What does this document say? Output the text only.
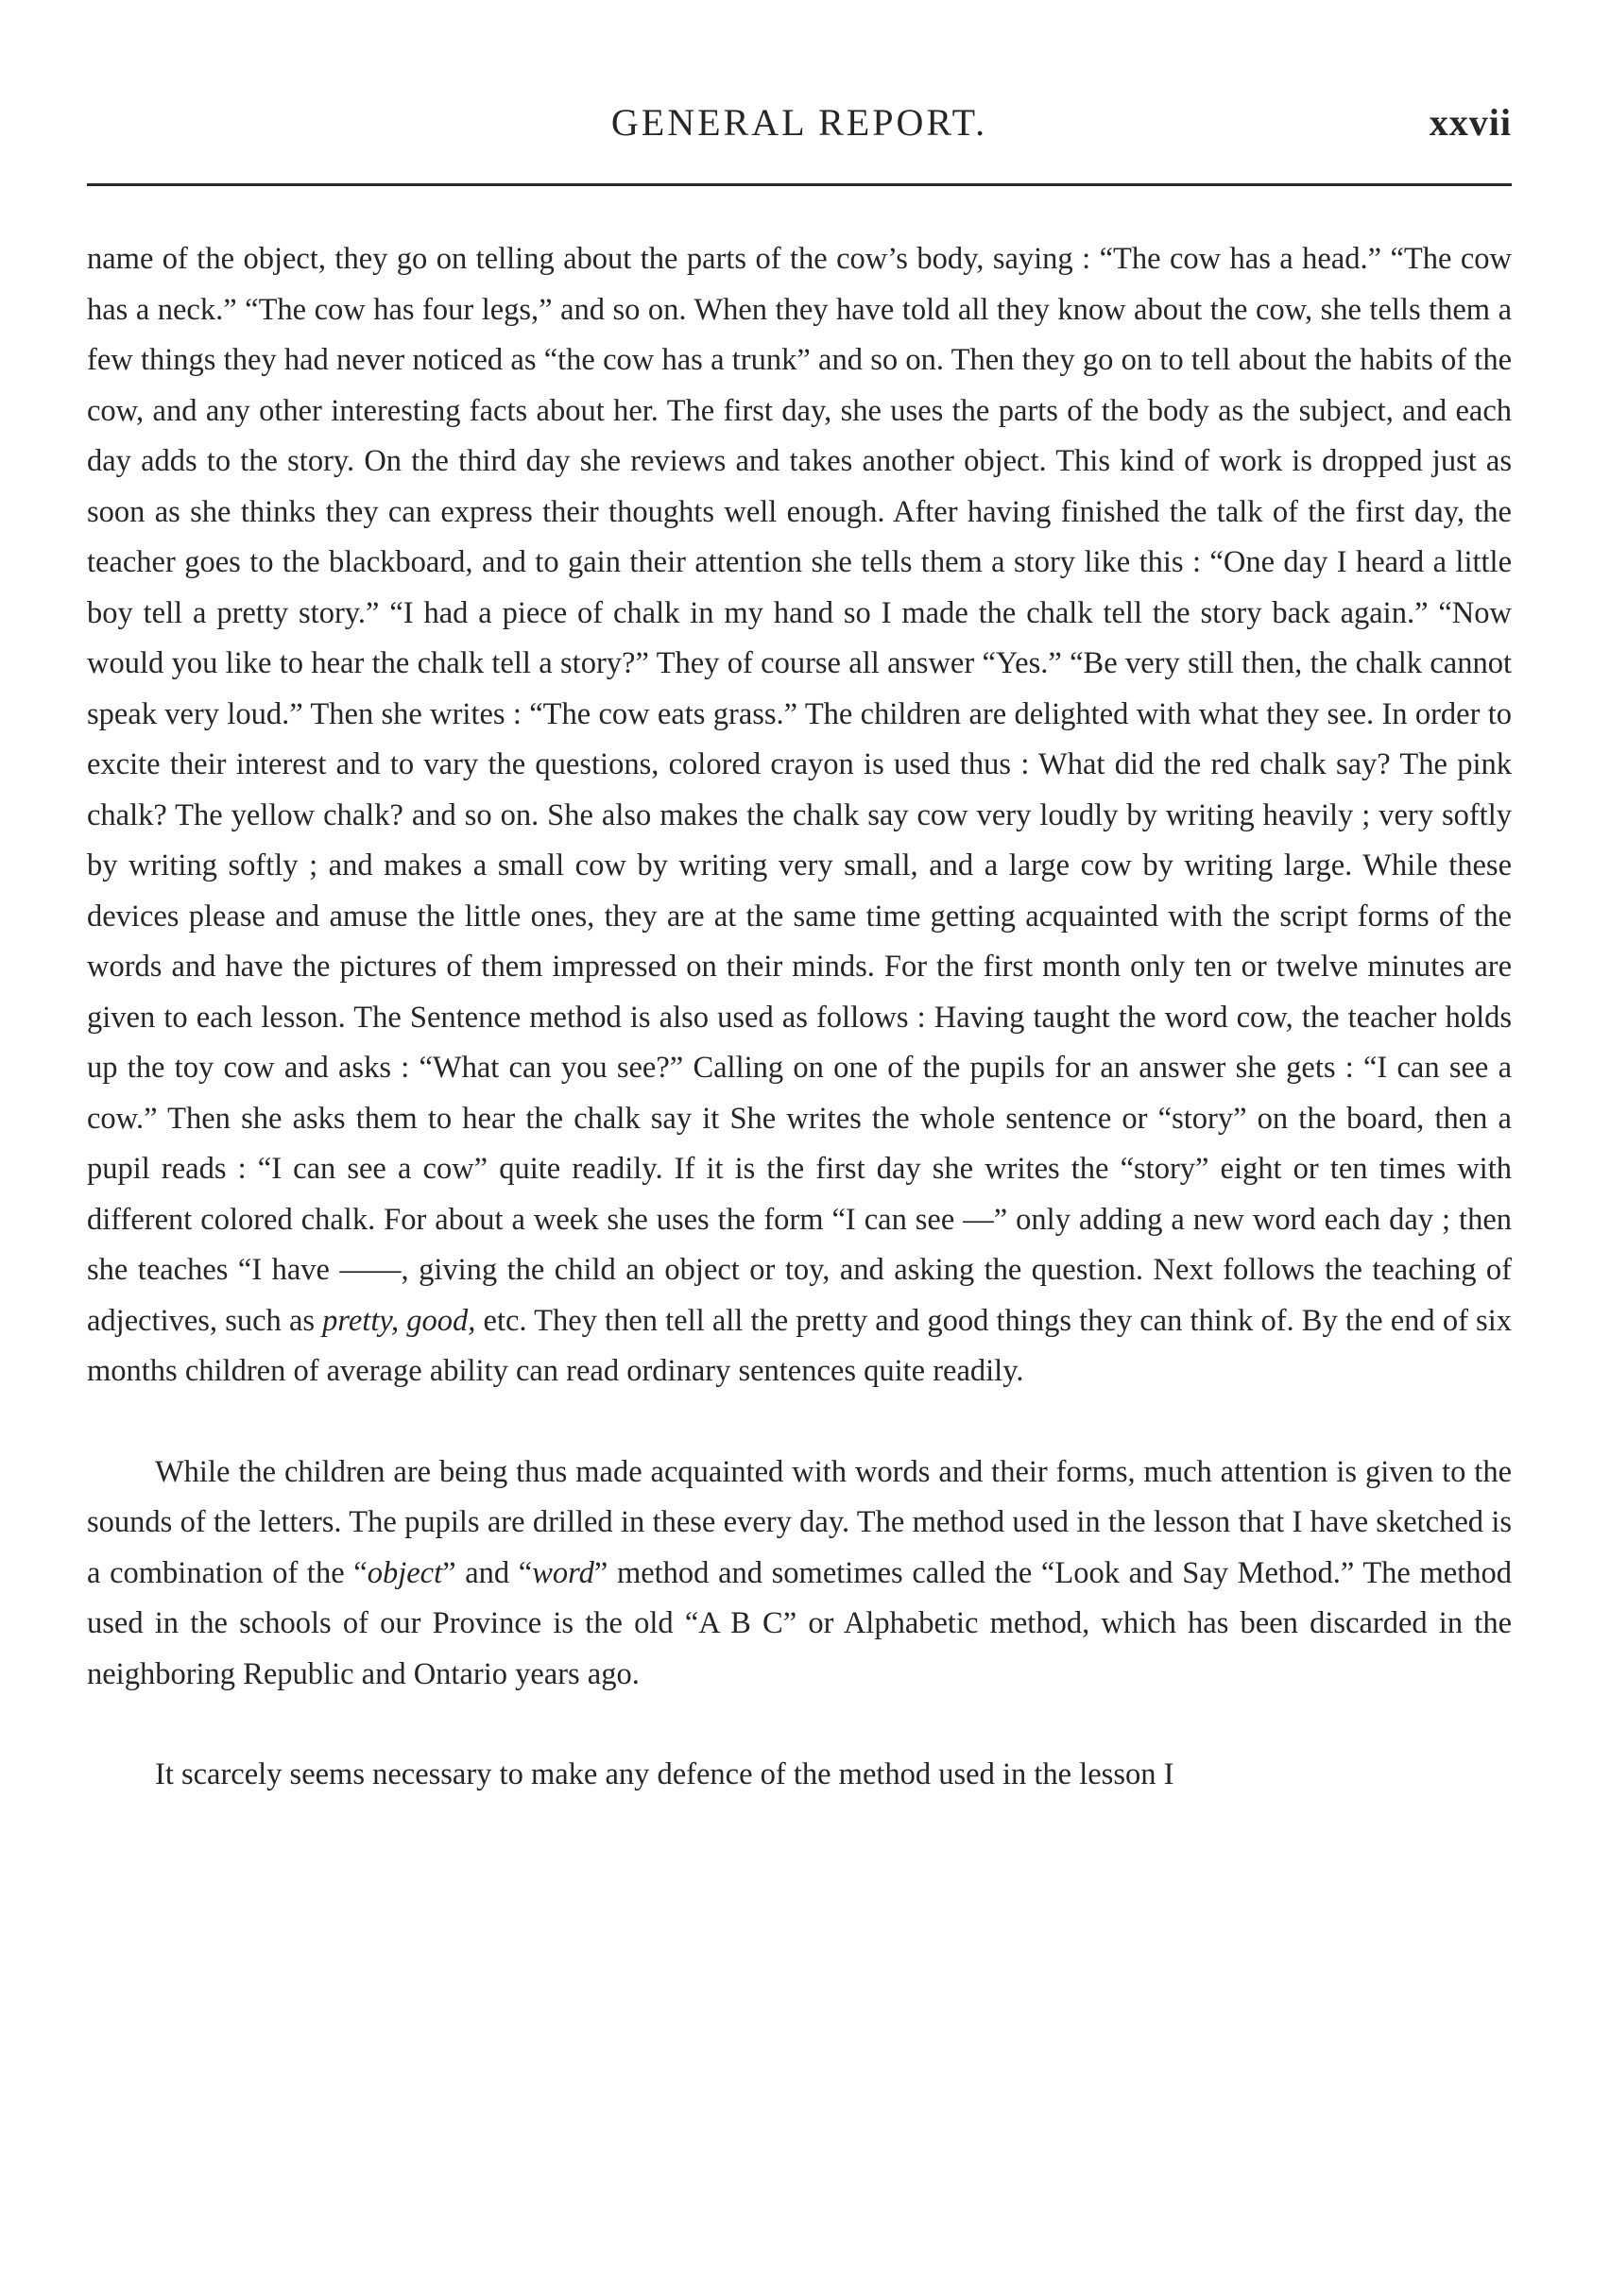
GENERAL REPORT.	xxvii

name of the object, they go on telling about the parts of the cow’s body, saying : “The cow has a head.” “The cow has a neck.” “The cow has four legs,” and so on. When they have told all they know about the cow, she tells them a few things they had never noticed as “the cow has a trunk” and so on. Then they go on to tell about the habits of the cow, and any other interesting facts about her. The first day, she uses the parts of the body as the subject, and each day adds to the story. On the third day she reviews and takes another object. This kind of work is dropped just as soon as she thinks they can express their thoughts well enough. After having finished the talk of the first day, the teacher goes to the blackboard, and to gain their attention she tells them a story like this : “One day I heard a little boy tell a pretty story.” “I had a piece of chalk in my hand so I made the chalk tell the story back again.” “Now would you like to hear the chalk tell a story?” They of course all answer “Yes.” “Be very still then, the chalk cannot speak very loud.” Then she writes : “The cow eats grass.” The children are delighted with what they see. In order to excite their interest and to vary the questions, colored crayon is used thus : What did the red chalk say? The pink chalk? The yellow chalk? and so on. She also makes the chalk say cow very loudly by writing heavily ; very softly by writing softly ; and makes a small cow by writing very small, and a large cow by writing large. While these devices please and amuse the little ones, they are at the same time getting acquainted with the script forms of the words and have the pictures of them impressed on their minds. For the first month only ten or twelve minutes are given to each lesson. The Sentence method is also used as follows : Having taught the word cow, the teacher holds up the toy cow and asks : “What can you see?” Calling on one of the pupils for an answer she gets : “I can see a cow.” Then she asks them to hear the chalk say it She writes the whole sentence or “story” on the board, then a pupil reads : “I can see a cow” quite readily. If it is the first day she writes the “story” eight or ten times with different colored chalk. For about a week she uses the form “I can see —” only adding a new word each day ; then she teaches “I have ——, giving the child an object or toy, and asking the question. Next follows the teaching of adjectives, such as pretty, good, etc. They then tell all the pretty and good things they can think of. By the end of six months children of average ability can read ordinary sentences quite readily.

While the children are being thus made acquainted with words and their forms, much attention is given to the sounds of the letters. The pupils are drilled in these every day. The method used in the lesson that I have sketched is a combination of the “object” and “word” method and sometimes called the “Look and Say Method.” The method used in the schools of our Province is the old “A B C” or Alphabetic method, which has been discarded in the neighboring Republic and Ontario years ago.

It scarcely seems necessary to make any defence of the method used in the lesson I
